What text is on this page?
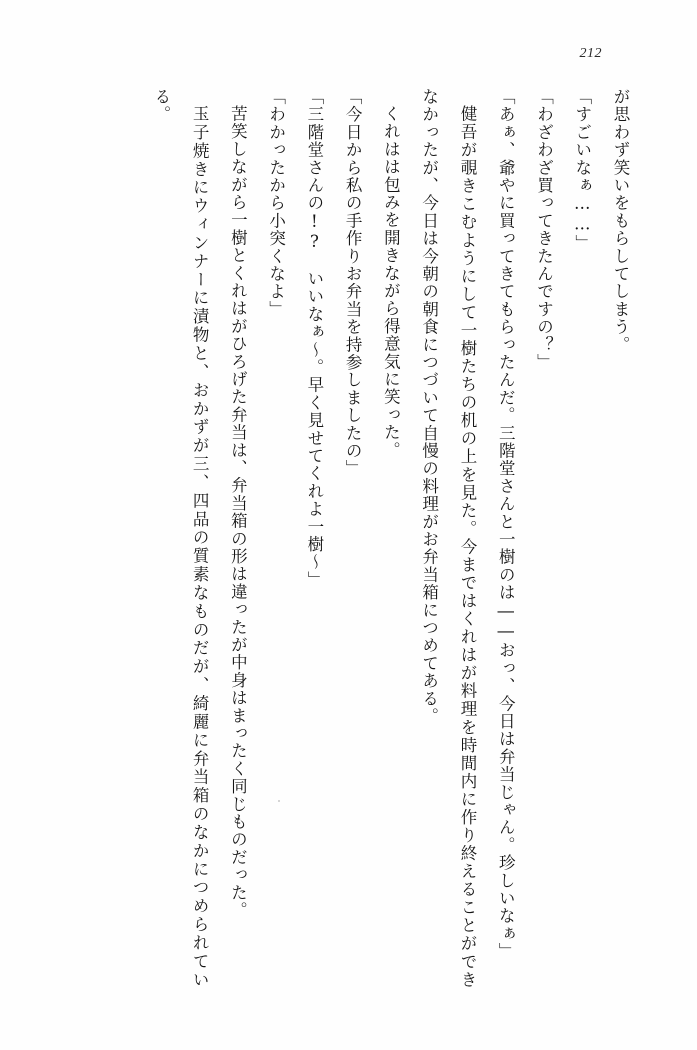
212

が思わず笑いをもらしてしまう。

「すごいなぁ……」

「わざわざ買ってきたんですの？」

「あぁ、爺やに買ってきてもらったんだ。三階堂さんと一樹のは――おっ、今日は弁当じゃん。珍しいなぁ」

健吾が覗きこむようにして一樹たちの机の上を見た。今まではくれはが料理を時間内に作り終えることができなかったが、今日は今朝の朝食につづいて自慢の料理がお弁当箱につめてある。

くれはは包みを開きながら得意気に笑った。

「今日から私の手作りお弁当を持参しましたの」

「三階堂さんの!?　いいなぁ～。早く見せてくれよ一樹～」

「わかったから小突くなよ」

苦笑しながら一樹とくれはがひろげた弁当は、弁当箱の形は違ったが中身はまったく同じものだった。

玉子焼きにウィンナーに漬物と、おかずが三、四品の質素なものだが、綺麗に弁当箱のなかにつめられている。
